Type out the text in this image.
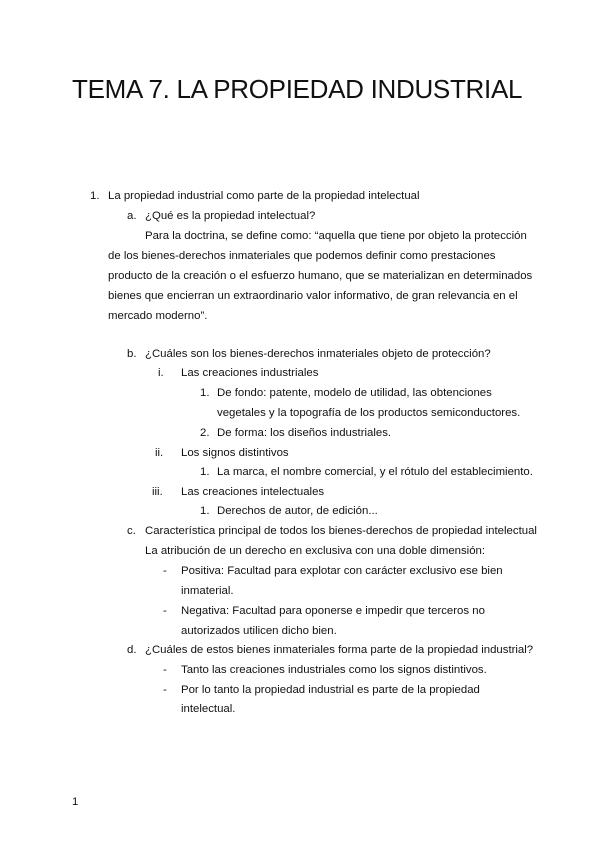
TEMA 7. LA PROPIEDAD INDUSTRIAL
1. La propiedad industrial como parte de la propiedad intelectual
a. ¿Qué es la propiedad intelectual?
Para la doctrina, se define como: “aquella que tiene por objeto la protección
de los bienes-derechos inmateriales que podemos definir como prestaciones
producto de la creación o el esfuerzo humano, que se materializan en determinados
bienes que encierran un extraordinario valor informativo, de gran relevancia en el
mercado moderno”.
b. ¿Cuáles son los bienes-derechos inmateriales objeto de protección?
i. Las creaciones industriales
1. De fondo: patente, modelo de utilidad, las obtenciones
vegetales y la topografía de los productos semiconductores.
2. De forma: los diseños industriales.
ii. Los signos distintivos
1. La marca, el nombre comercial, y el rótulo del establecimiento.
iii. Las creaciones intelectuales
1. Derechos de autor, de edición...
c. Característica principal de todos los bienes-derechos de propiedad intelectual
La atribución de un derecho en exclusiva con una doble dimensión:
- Positiva: Facultad para explotar con carácter exclusivo ese bien
inmaterial.
- Negativa: Facultad para oponerse e impedir que terceros no
autorizados utilicen dicho bien.
d. ¿Cuáles de estos bienes inmateriales forma parte de la propiedad industrial?
- Tanto las creaciones industriales como los signos distintivos.
- Por lo tanto la propiedad industrial es parte de la propiedad
intelectual.
1
